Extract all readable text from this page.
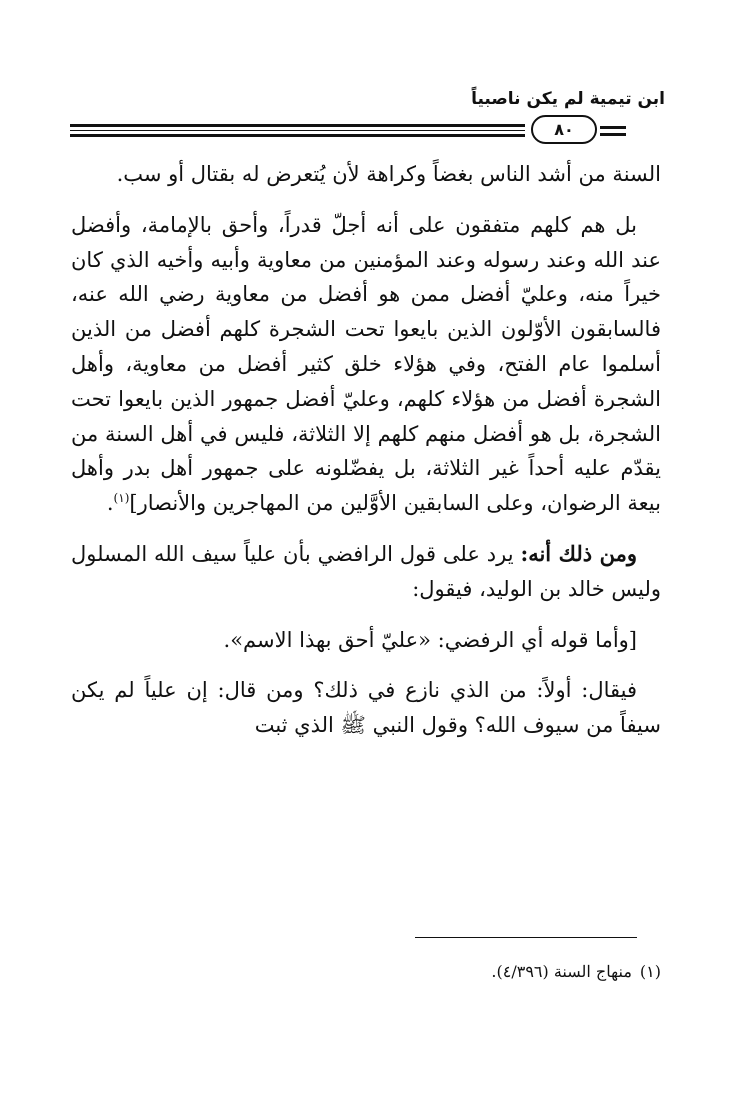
ابن تيمية لم يكن ناصبياً
٨٠

السنة من أشد الناس بغضاً وكراهة لأن يُتعرض له بقتال أو سب.

بل هم كلهم متفقون على أنه أجلّ قدراً، وأحق بالإمامة، وأفضل عند الله وعند رسوله وعند المؤمنين من معاوية وأبيه وأخيه الذي كان خيراً منه، وعليّ أفضل ممن هو أفضل من معاوية رضي الله عنه، فالسابقون الأوّلون الذين بايعوا تحت الشجرة كلهم أفضل من الذين أسلموا عام الفتح، وفي هؤلاء خلق كثير أفضل من معاوية، وأهل الشجرة أفضل من هؤلاء كلهم، وعليّ أفضل جمهور الذين بايعوا تحت الشجرة، بل هو أفضل منهم كلهم إلا الثلاثة، فليس في أهل السنة من يقدّم عليه أحداً غير الثلاثة، بل يفضّلونه على جمهور أهل بدر وأهل بيعة الرضوان، وعلى السابقين الأوَّلين من المهاجرين والأنصار]$^{(١)}$.

ومن ذلك أنه: يرد على قول الرافضي بأن علياً سيف الله المسلول وليس خالد بن الوليد، فيقول:

[وأما قوله أي الرفضي: «عليّ أحق بهذا الاسم».

فيقال: أولاً: من الذي نازع في ذلك؟ ومن قال: إن علياً لم يكن سيفاً من سيوف الله؟ وقول النبي ﷺ الذي ثبت

(١)منهاج السنة (٤/٣٩٦).
